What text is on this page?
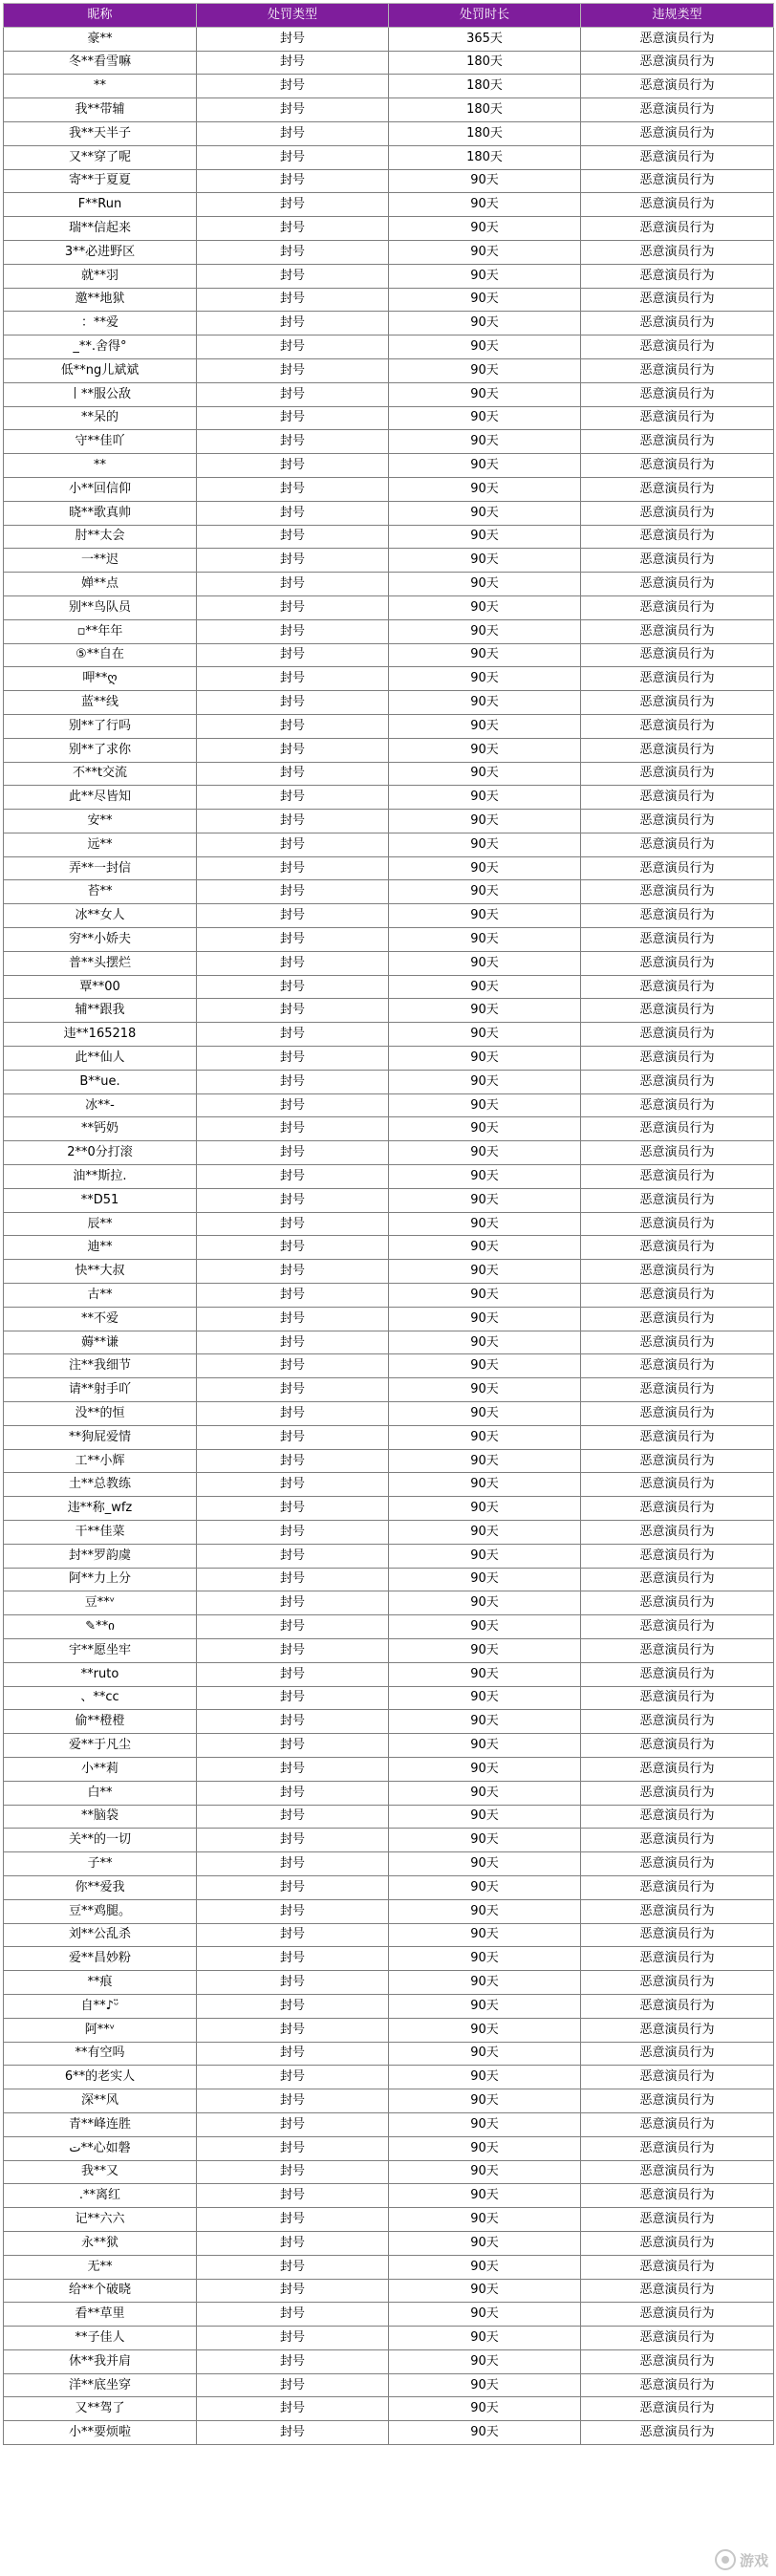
昵称	处罚类型	处罚时长	违规类型
豪**	封号	365天	恶意演员行为
冬**看雪嘛	封号	180天	恶意演员行为
**	封号	180天	恶意演员行为
我**带辅	封号	180天	恶意演员行为
我**天半子	封号	180天	恶意演员行为
又**穿了呢	封号	180天	恶意演员行为
寄**于夏夏	封号	90天	恶意演员行为
F**Run	封号	90天	恶意演员行为
瑞**信起来	封号	90天	恶意演员行为
3**必进野区	封号	90天	恶意演员行为
就**羽	封号	90天	恶意演员行为
邀**地狱	封号	90天	恶意演员行为
：**爱	封号	90天	恶意演员行为
_**.舍得°	封号	90天	恶意演员行为
低**ng儿斌斌	封号	90天	恶意演员行为
丨**服公敌	封号	90天	恶意演员行为
**呆的	封号	90天	恶意演员行为
守**佳吖	封号	90天	恶意演员行为
**	封号	90天	恶意演员行为
小**回信仰	封号	90天	恶意演员行为
晓**歌真帅	封号	90天	恶意演员行为
肘**太会	封号	90天	恶意演员行为
一**迟	封号	90天	恶意演员行为
婵**点	封号	90天	恶意演员行为
别**鸟队员	封号	90天	恶意演员行为
▫**年年	封号	90天	恶意演员行为
⑤**自在	封号	90天	恶意演员行为
呷**ღ	封号	90天	恶意演员行为
蓝**线	封号	90天	恶意演员行为
别**了行吗	封号	90天	恶意演员行为
别**了求你	封号	90天	恶意演员行为
不**t交流	封号	90天	恶意演员行为
此**尽皆知	封号	90天	恶意演员行为
安**	封号	90天	恶意演员行为
远**	封号	90天	恶意演员行为
弄**一封信	封号	90天	恶意演员行为
苔**	封号	90天	恶意演员行为
冰**女人	封号	90天	恶意演员行为
穷**小娇夫	封号	90天	恶意演员行为
普**头摆烂	封号	90天	恶意演员行为
覃**00	封号	90天	恶意演员行为
辅**跟我	封号	90天	恶意演员行为
违**165218	封号	90天	恶意演员行为
此**仙人	封号	90天	恶意演员行为
B**ue.	封号	90天	恶意演员行为
冰**-	封号	90天	恶意演员行为
**钙奶	封号	90天	恶意演员行为
2**0分打滚	封号	90天	恶意演员行为
油**斯拉.	封号	90天	恶意演员行为
**D51	封号	90天	恶意演员行为
辰**	封号	90天	恶意演员行为
迪**	封号	90天	恶意演员行为
快**大叔	封号	90天	恶意演员行为
古**	封号	90天	恶意演员行为
**不爱	封号	90天	恶意演员行为
薅**谦	封号	90天	恶意演员行为
注**我细节	封号	90天	恶意演员行为
请**射手吖	封号	90天	恶意演员行为
没**的恒	封号	90天	恶意演员行为
**狗屁爱情	封号	90天	恶意演员行为
工**小辉	封号	90天	恶意演员行为
土**总教练	封号	90天	恶意演员行为
违**称_wfz	封号	90天	恶意演员行为
干**佳菜	封号	90天	恶意演员行为
封**罗韵虞	封号	90天	恶意演员行为
阿**力上分	封号	90天	恶意演员行为
豆**ᵛ	封号	90天	恶意演员行为
✎**ი	封号	90天	恶意演员行为
宇**愿坐牢	封号	90天	恶意演员行为
**ruto	封号	90天	恶意演员行为
、**cc	封号	90天	恶意演员行为
偷**橙橙	封号	90天	恶意演员行为
爱**于凡尘	封号	90天	恶意演员行为
小**莉	封号	90天	恶意演员行为
白**	封号	90天	恶意演员行为
**脑袋	封号	90天	恶意演员行为
关**的一切	封号	90天	恶意演员行为
子**	封号	90天	恶意演员行为
你**爱我	封号	90天	恶意演员行为
豆**鸡腿。	封号	90天	恶意演员行为
刘**公乱杀	封号	90天	恶意演员行为
爱**昌妙粉	封号	90天	恶意演员行为
**痕	封号	90天	恶意演员行为
自**♪ᵕ̈	封号	90天	恶意演员行为
阿**ᵛ	封号	90天	恶意演员行为
**有空吗	封号	90天	恶意演员行为
6**的老实人	封号	90天	恶意演员行为
深**风	封号	90天	恶意演员行为
青**峰连胜	封号	90天	恶意演员行为
ت**心如磐	封号	90天	恶意演员行为
我**又	封号	90天	恶意演员行为
.**离红	封号	90天	恶意演员行为
记**六六	封号	90天	恶意演员行为
永**狱	封号	90天	恶意演员行为
无**	封号	90天	恶意演员行为
给**个破晓	封号	90天	恶意演员行为
看**草里	封号	90天	恶意演员行为
**子佳人	封号	90天	恶意演员行为
休**我并肩	封号	90天	恶意演员行为
洋**底坐穿	封号	90天	恶意演员行为
又**驾了	封号	90天	恶意演员行为
小**要烦啦	封号	90天	恶意演员行为
游戏
